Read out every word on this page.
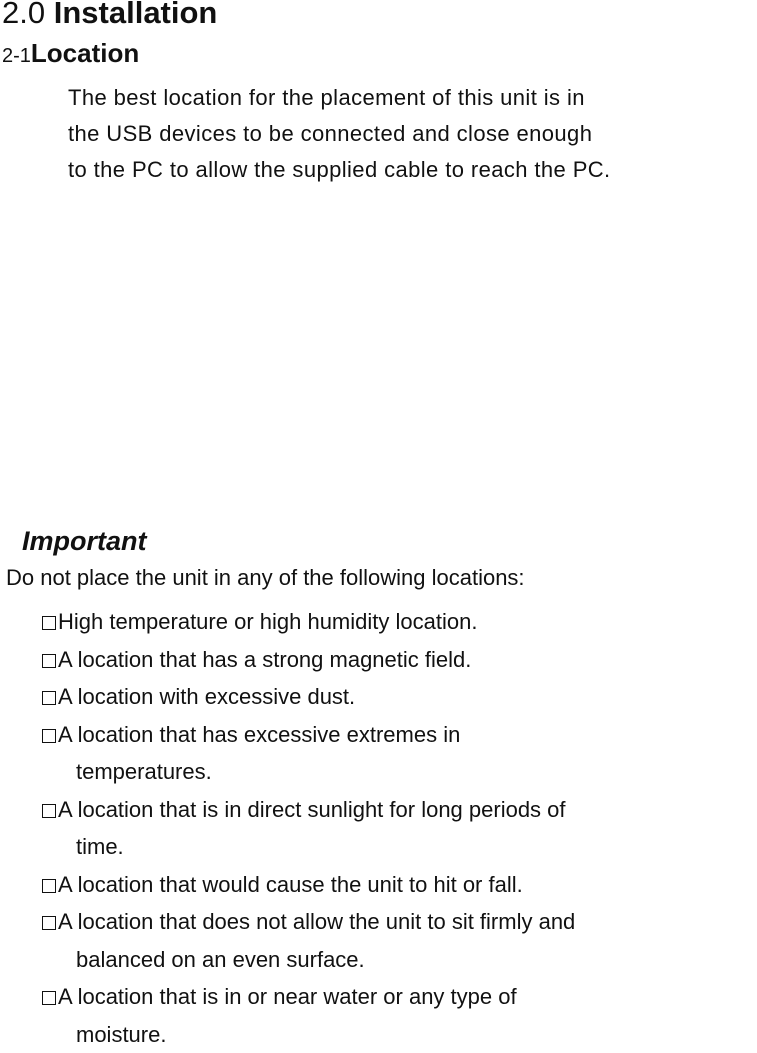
2.0 Installation
2-1Location
The best location for the placement of this unit is in
the USB devices to be connected and close enough
to the PC to allow the supplied cable to reach the PC.
Important
Do not place the unit in any of the following locations:
High temperature or high humidity location.
A location that has a strong magnetic field.
A location with excessive dust.
A location that has excessive extremes in
temperatures.
A location that is in direct sunlight for long periods of
time.
A location that would cause the unit to hit or fall.
A location that does not allow the unit to sit firmly and
balanced on an even surface.
A location that is in or near water or any type of
moisture.
